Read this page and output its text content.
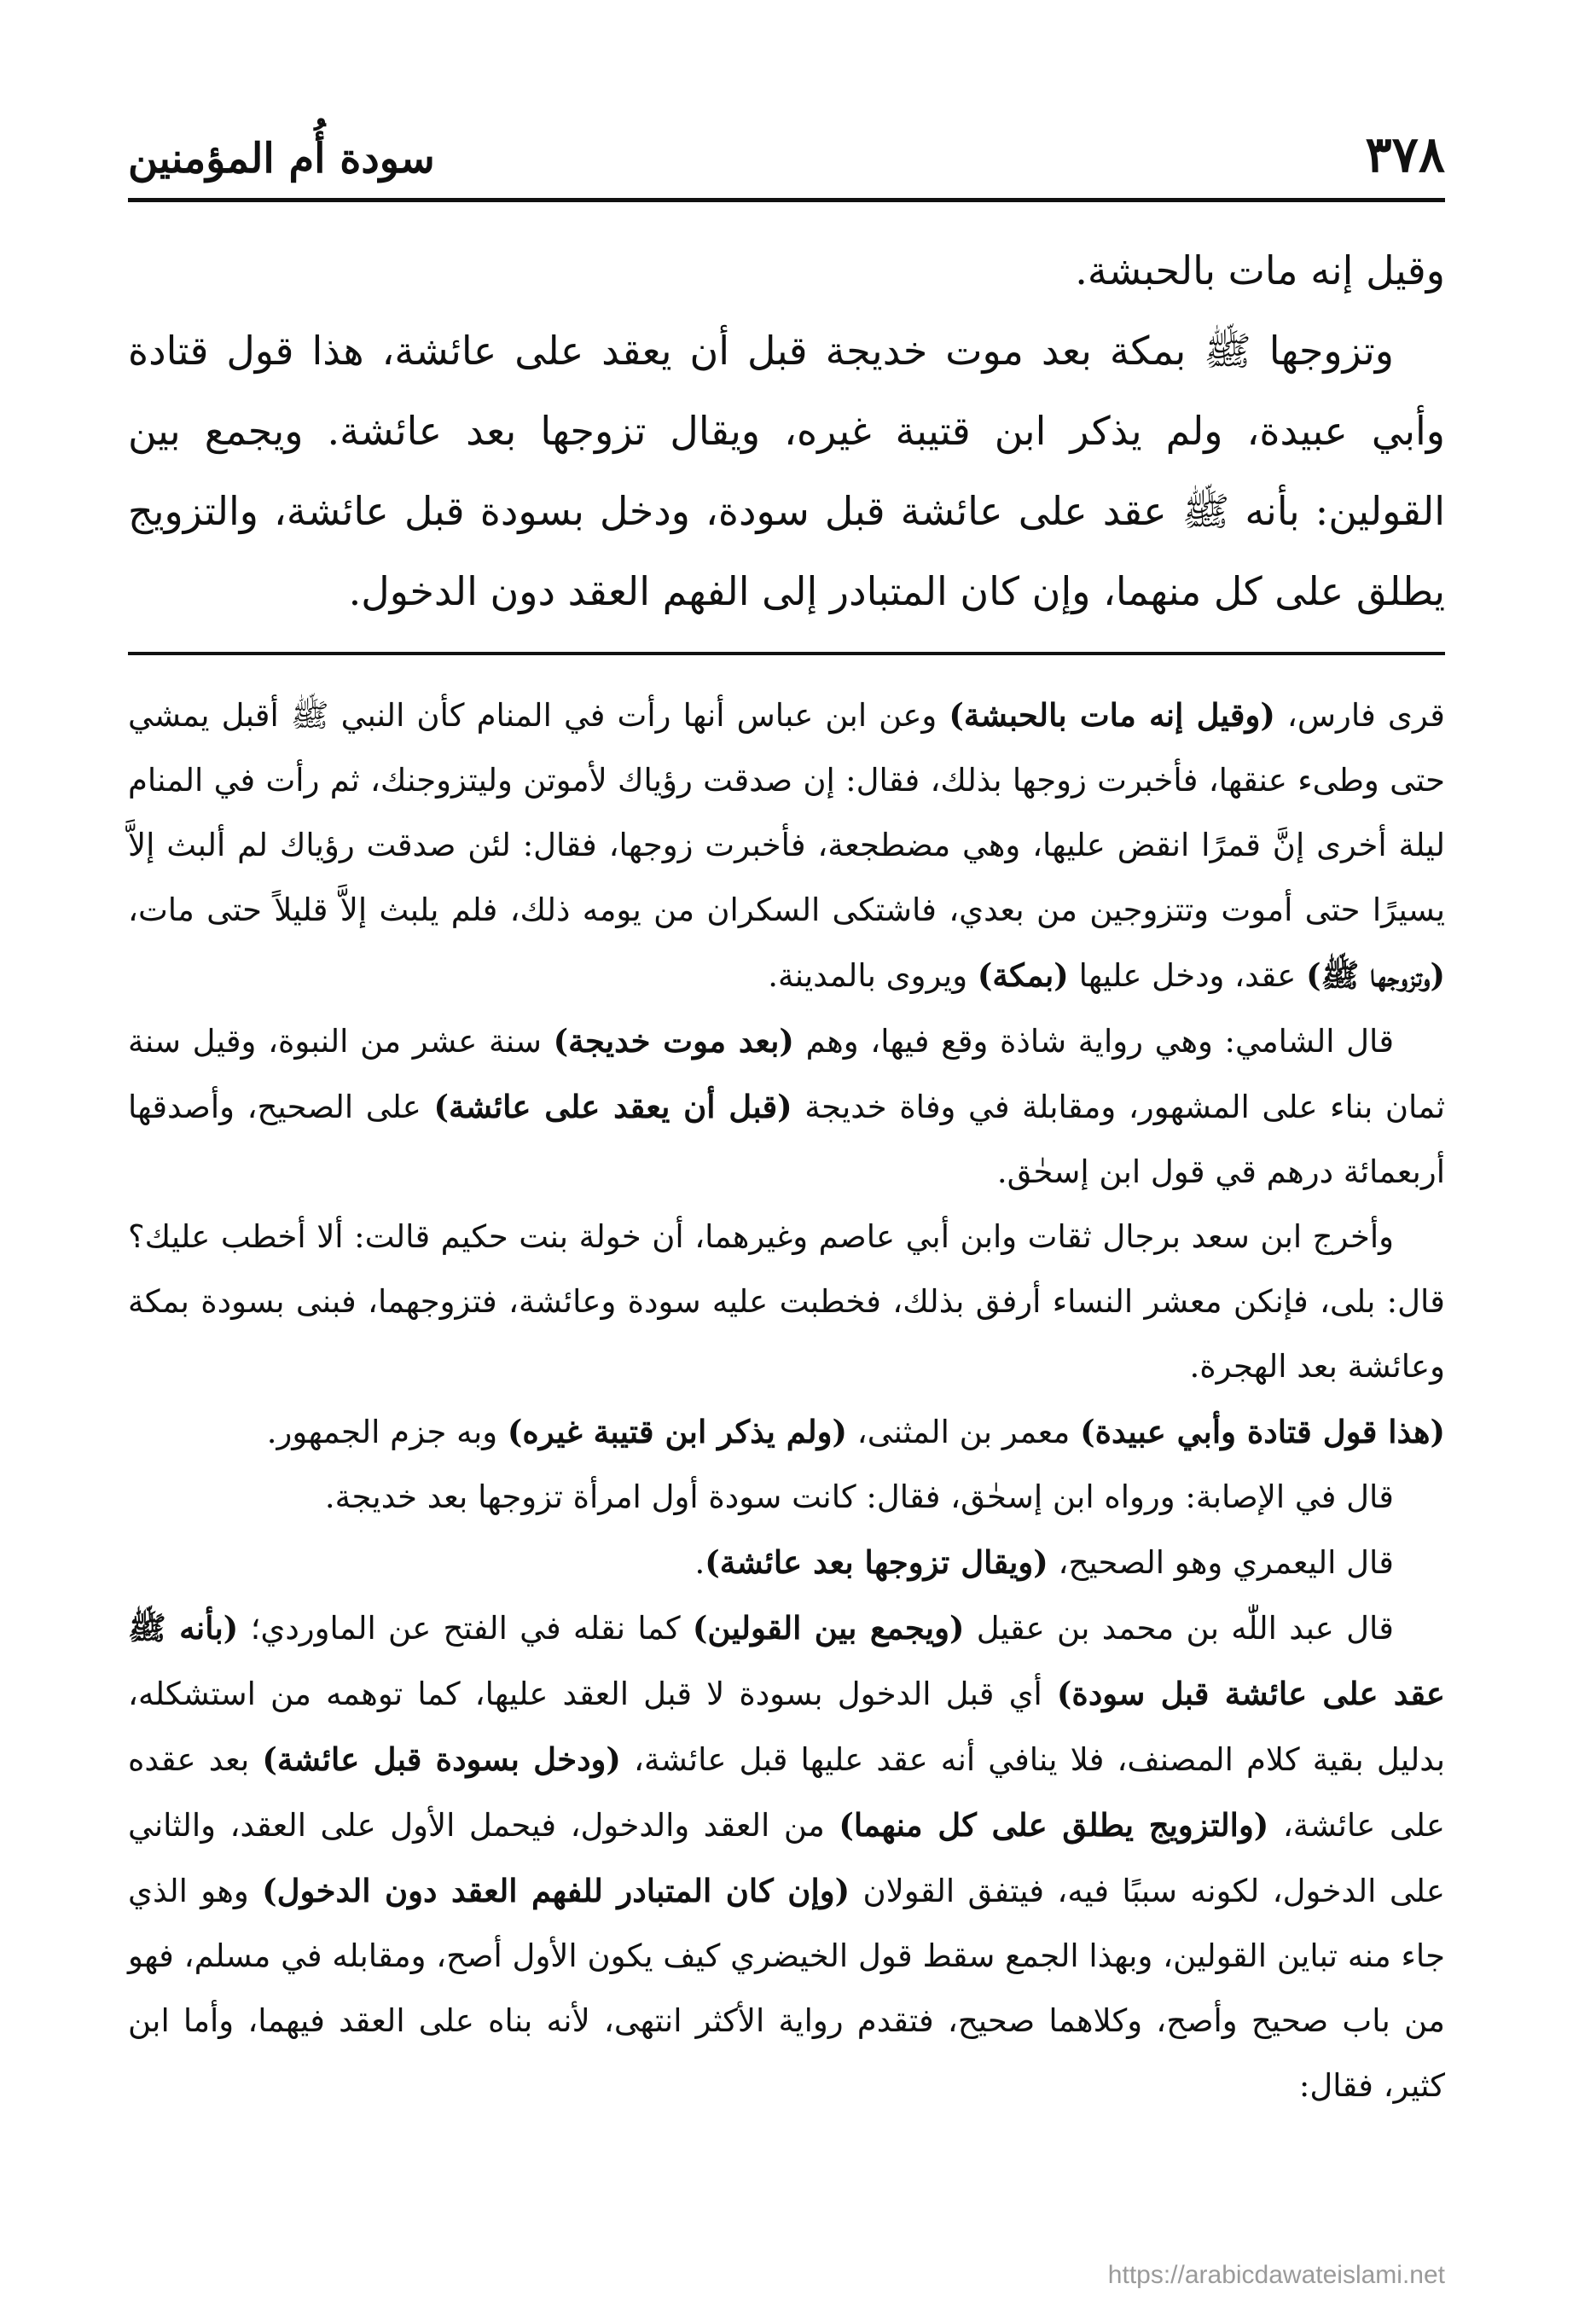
٣٧٨
سودة أُم المؤمنين

وقيل إنه مات بالحبشة.

وتزوجها ﷺ بمكة بعد موت خديجة قبل أن يعقد على عائشة، هذا قول قتادة وأبي عبيدة، ولم يذكر ابن قتيبة غيره، ويقال تزوجها بعد عائشة. ويجمع بين القولين: بأنه ﷺ عقد على عائشة قبل سودة، ودخل بسودة قبل عائشة، والتزويج يطلق على كل منهما، وإن كان المتبادر إلى الفهم العقد دون الدخول.

قرى فارس، (وقيل إنه مات بالحبشة) وعن ابن عباس أنها رأت في المنام كأن النبي ﷺ أقبل يمشي حتى وطىء عنقها، فأخبرت زوجها بذلك، فقال: إن صدقت رؤياك لأموتن وليتزوجنك، ثم رأت في المنام ليلة أخرى إنَّ قمرًا انقض عليها، وهي مضطجعة، فأخبرت زوجها، فقال: لئن صدقت رؤياك لم ألبث إلاَّ يسيرًا حتى أموت وتتزوجين من بعدي، فاشتكى السكران من يومه ذلك، فلم يلبث إلاَّ قليلاً حتى مات، (وتزوجها ﷺ) عقد، ودخل عليها (بمكة) ويروى بالمدينة.

قال الشامي: وهي رواية شاذة وقع فيها، وهم (بعد موت خديجة) سنة عشر من النبوة، وقيل سنة ثمان بناء على المشهور، ومقابلة في وفاة خديجة (قبل أن يعقد على عائشة) على الصحيح، وأصدقها أربعمائة درهم قي قول ابن إسحٰق.

وأخرج ابن سعد برجال ثقات وابن أبي عاصم وغيرهما، أن خولة بنت حكيم قالت: ألا أخطب عليك؟ قال: بلى، فإنكن معشر النساء أرفق بذلك، فخطبت عليه سودة وعائشة، فتزوجهما، فبنى بسودة بمكة وعائشة بعد الهجرة.

(هذا قول قتادة وأبي عبيدة) معمر بن المثنى، (ولم يذكر ابن قتيبة غيره) وبه جزم الجمهور.

قال في الإصابة: ورواه ابن إسحٰق، فقال: كانت سودة أول امرأة تزوجها بعد خديجة.

قال اليعمري وهو الصحيح، (ويقال تزوجها بعد عائشة).

قال عبد اللّٰه بن محمد بن عقيل (ويجمع بين القولين) كما نقله في الفتح عن الماوردي؛ (بأنه ﷺ عقد على عائشة قبل سودة) أي قبل الدخول بسودة لا قبل العقد عليها، كما توهمه من استشكله، بدليل بقية كلام المصنف، فلا ينافي أنه عقد عليها قبل عائشة، (ودخل بسودة قبل عائشة) بعد عقده على عائشة، (والتزويج يطلق على كل منهما) من العقد والدخول، فيحمل الأول على العقد، والثاني على الدخول، لكونه سببًا فيه، فيتفق القولان (وإن كان المتبادر للفهم العقد دون الدخول) وهو الذي جاء منه تباين القولين، وبهذا الجمع سقط قول الخيضري كيف يكون الأول أصح، ومقابله في مسلم، فهو من باب صحيح وأصح، وكلاهما صحيح، فتقدم رواية الأكثر انتهى، لأنه بناه على العقد فيهما، وأما ابن كثير، فقال:

https://arabicdawateislami.net
